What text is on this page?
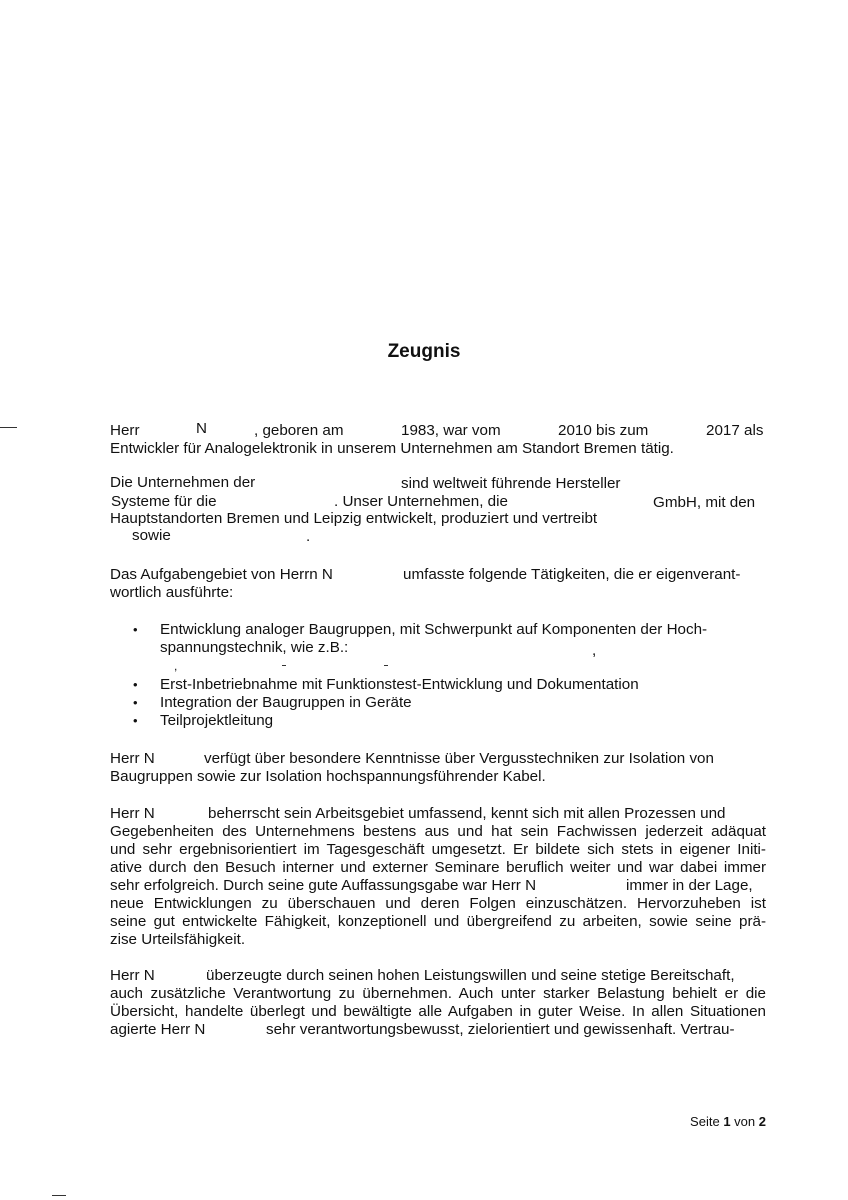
Zeugnis
Herr	N	, geboren am	1983, war vom	2010 bis zum	2017 als
Entwickler für Analogelektronik in unserem Unternehmen am Standort Bremen tätig.
Die Unternehmen der	sind weltweit führende Hersteller
Systeme für die	. Unser Unternehmen, die	GmbH, mit den
Hauptstandorten Bremen und Leipzig entwickelt, produziert und vertreibt
sowie	.
Das Aufgabengebiet von Herrn N	umfasste folgende Tätigkeiten, die er eigenverant-
wortlich ausführte:
• Entwicklung analoger Baugruppen, mit Schwerpunkt auf Komponenten der Hoch-
spannungstechnik, wie z.B.:	,
,
• Erst-Inbetriebnahme mit Funktionstest-Entwicklung und Dokumentation
• Integration der Baugruppen in Geräte
• Teilprojektleitung
Herr N	verfügt über besondere Kenntnisse über Vergusstechniken zur Isolation von
Baugruppen sowie zur Isolation hochspannungsführender Kabel.
Herr N	beherrscht sein Arbeitsgebiet umfassend, kennt sich mit allen Prozessen und
Gegebenheiten des Unternehmens bestens aus und hat sein Fachwissen jederzeit adäquat
und sehr ergebnisorientiert im Tagesgeschäft umgesetzt. Er bildete sich stets in eigener Initi-
ative durch den Besuch interner und externer Seminare beruflich weiter und war dabei immer
sehr erfolgreich. Durch seine gute Auffassungsgabe war Herr N	immer in der Lage,
neue Entwicklungen zu überschauen und deren Folgen einzuschätzen. Hervorzuheben ist
seine gut entwickelte Fähigkeit, konzeptionell und übergreifend zu arbeiten, sowie seine prä-
zise Urteilsfähigkeit.
Herr N	überzeugte durch seinen hohen Leistungswillen und seine stetige Bereitschaft,
auch zusätzliche Verantwortung zu übernehmen. Auch unter starker Belastung behielt er die
Übersicht, handelte überlegt und bewältigte alle Aufgaben in guter Weise. In allen Situationen
agierte Herr N	sehr verantwortungsbewusst, zielorientiert und gewissenhaft. Vertrau-
Seite 1 von 2
